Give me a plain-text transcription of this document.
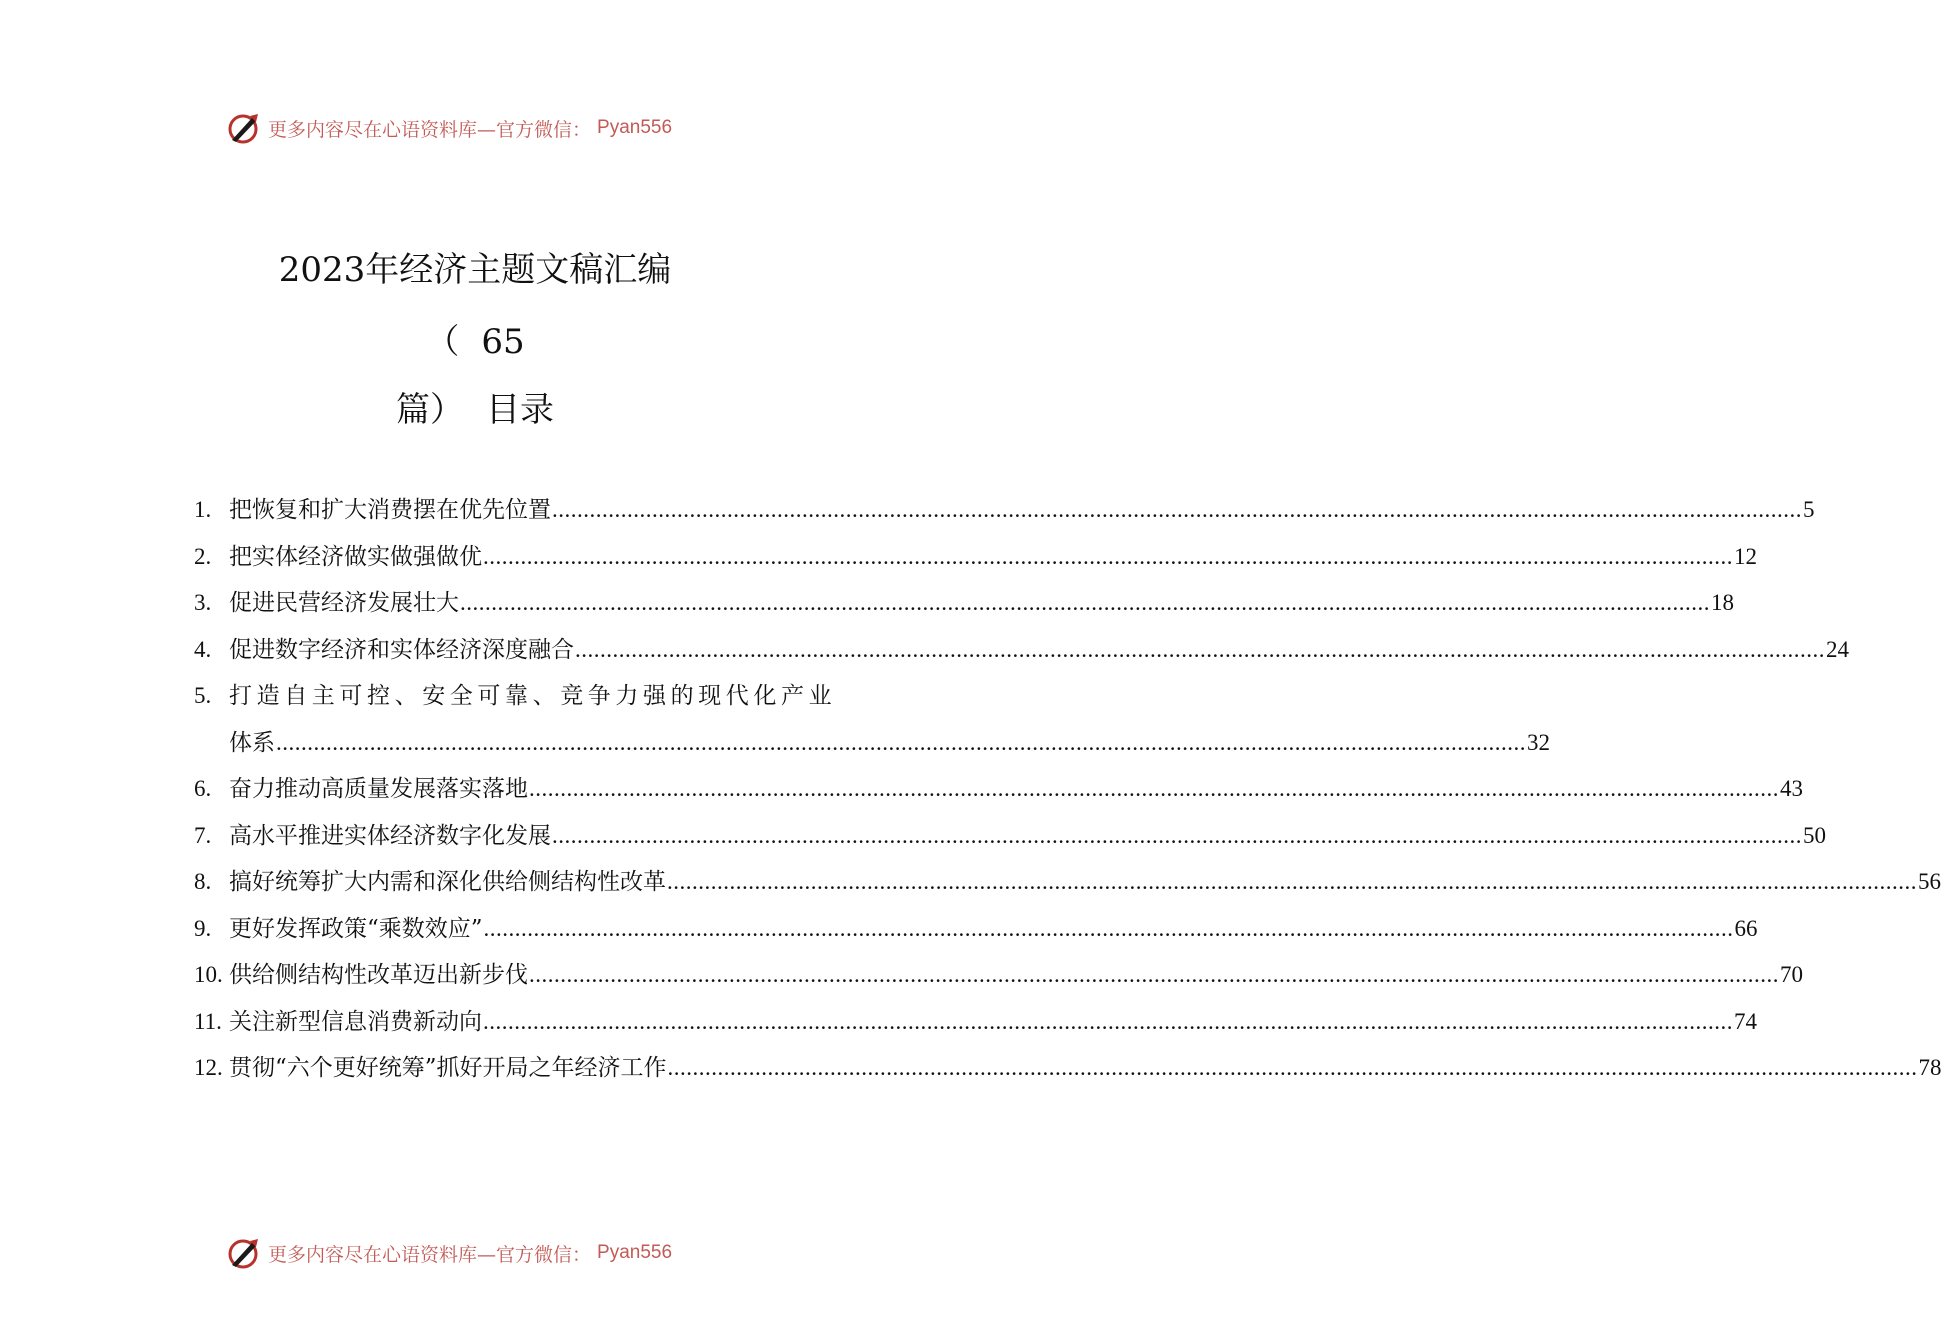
更多内容尽在心语资料库—官方微信： Pyan556
2023年经济主题文稿汇编
（ 65
篇） 目录
1. 把恢复和扩大消费摆在优先位置 ........................................................................................................................................................................................................ 5
2. 把实体经济做实做强做优 ........................................................................................................................................................................................................ 12
3. 促进民营经济发展壮大 ........................................................................................................................................................................................................ 18
4. 促进数字经济和实体经济深度融合 ........................................................................................................................................................................................................ 24
5. 打造自主可控、安全可靠、竞争力强的现代化产业
体系 ........................................................................................................................................................................................................ 32
6. 奋力推动高质量发展落实落地 ........................................................................................................................................................................................................ 43
7. 高水平推进实体经济数字化发展 ........................................................................................................................................................................................................ 50
8. 搞好统筹扩大内需和深化供给侧结构性改革 ........................................................................................................................................................................................................ 56
9. 更好发挥政策“乘数效应” ........................................................................................................................................................................................................ 66
10. 供给侧结构性改革迈出新步伐 ........................................................................................................................................................................................................ 70
11. 关注新型信息消费新动向 ........................................................................................................................................................................................................ 74
12. 贯彻“六个更好统筹”抓好开局之年经济工作 ........................................................................................................................................................................................................ 78
更多内容尽在心语资料库—官方微信： Pyan556
